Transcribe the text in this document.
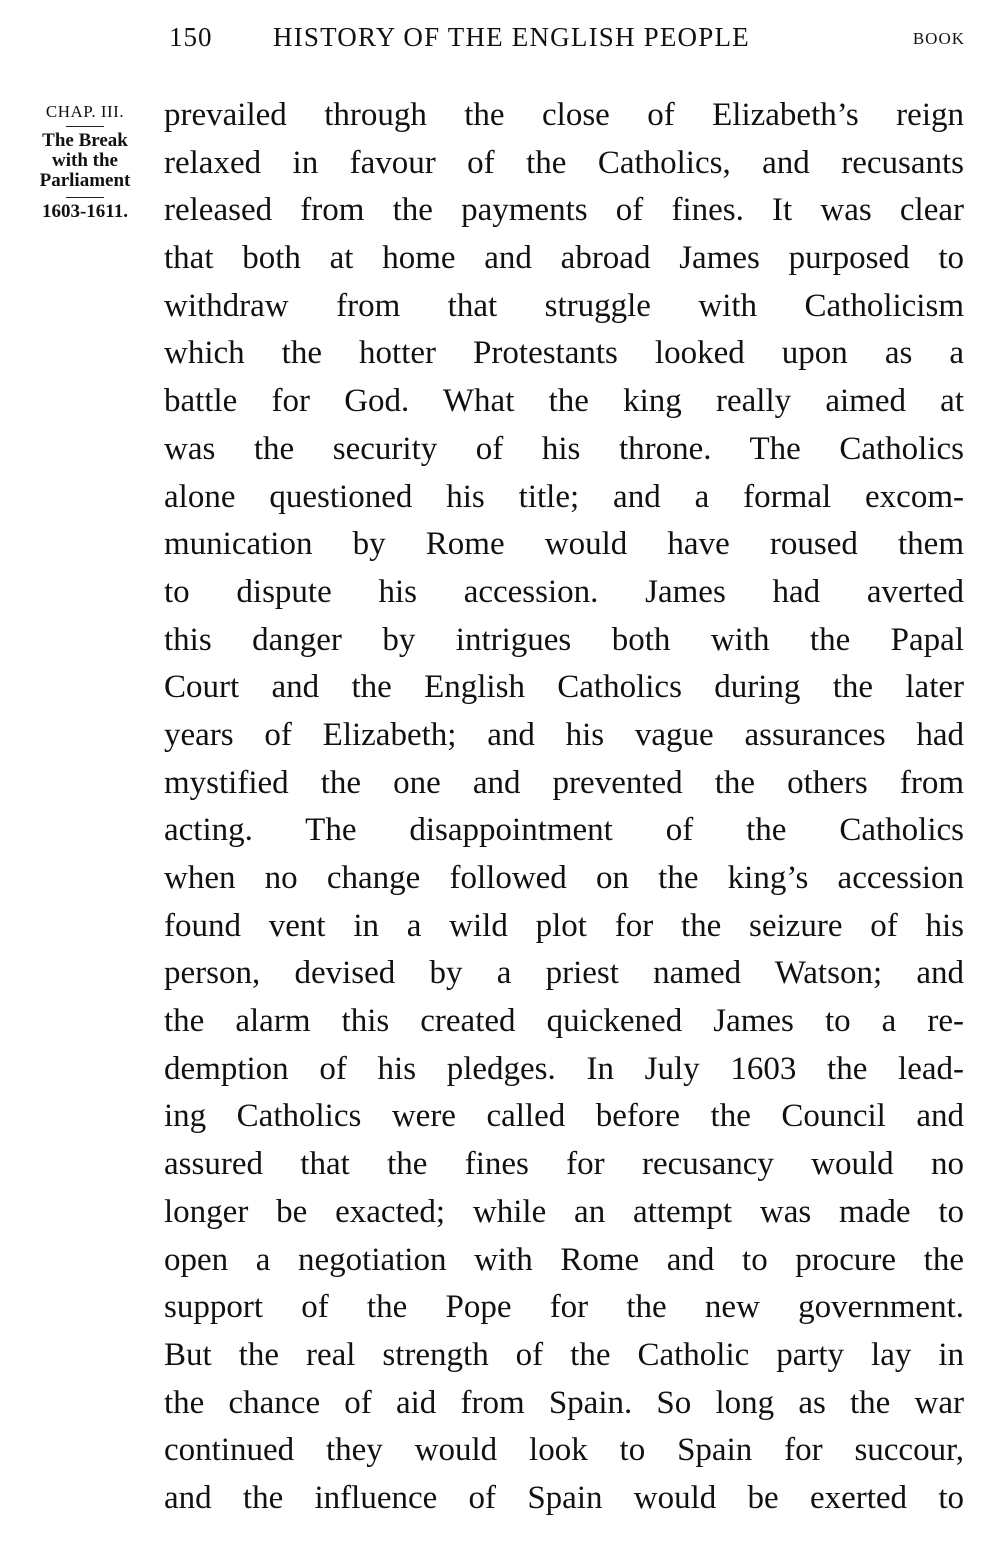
150 HISTORY OF THE ENGLISH PEOPLE	BOOK
CHAP. III.
The Break
with the
Parliament
1603-1611.
prevailed through the close of Elizabeth’s reign
relaxed in favour of the Catholics, and recusants
released from the payments of fines. It was clear
that both at home and abroad James purposed to
withdraw from that struggle with Catholicism
which the hotter Protestants looked upon as a
battle for God. What the king really aimed at
was the security of his throne. The Catholics
alone questioned his title; and a formal excom-
munication by Rome would have roused them
to dispute his accession. James had averted
this danger by intrigues both with the Papal
Court and the English Catholics during the later
years of Elizabeth; and his vague assurances had
mystified the one and prevented the others from
acting. The disappointment of the Catholics
when no change followed on the king’s accession
found vent in a wild plot for the seizure of his
person, devised by a priest named Watson; and
the alarm this created quickened James to a re-
demption of his pledges. In July 1603 the lead-
ing Catholics were called before the Council and
assured that the fines for recusancy would no
longer be exacted; while an attempt was made to
open a negotiation with Rome and to procure the
support of the Pope for the new government.
But the real strength of the Catholic party lay in
the chance of aid from Spain. So long as the war
continued they would look to Spain for succour,
and the influence of Spain would be exerted to
